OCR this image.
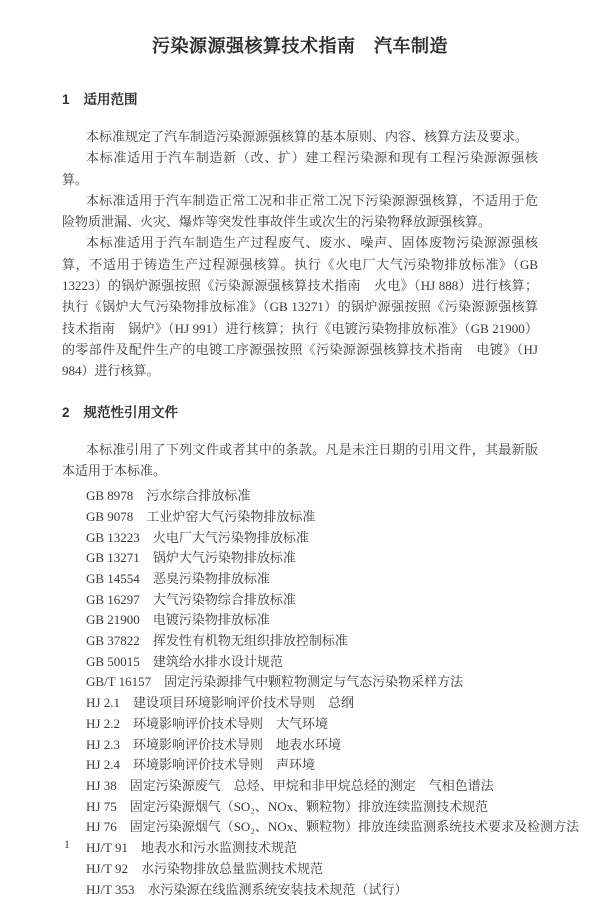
污染源源强核算技术指南　汽车制造
1 适用范围

本标准规定了汽车制造污染源源强核算的基本原则、内容、核算方法及要求。

本标准适用于汽车制造新（改、扩）建工程污染源和现有工程污染源源强核算。

本标准适用于汽车制造正常工况和非正常工况下污染源源强核算，不适用于危险物质泄漏、火灾、爆炸等突发性事故伴生或次生的污染物释放源强核算。

本标准适用于汽车制造生产过程废气、废水、噪声、固体废物污染源源强核算，不适用于铸造生产过程源强核算。执行《火电厂大气污染物排放标准》（GB 13223）的锅炉源强按照《污染源源强核算技术指南　火电》（HJ 888）进行核算；执行《锅炉大气污染物排放标准》（GB 13271）的锅炉源强按照《污染源源强核算技术指南　锅炉》（HJ 991）进行核算；执行《电镀污染物排放标准》（GB 21900）的零部件及配件生产的电镀工序源强按照《污染源源强核算技术指南　电镀》（HJ 984）进行核算。

2 规范性引用文件

本标准引用了下列文件或者其中的条款。凡是未注日期的引用文件，其最新版本适用于本标准。

GB 8978 污水综合排放标准
GB 9078 工业炉窑大气污染物排放标准
GB 13223 火电厂大气污染物排放标准
GB 13271 锅炉大气污染物排放标准
GB 14554 恶臭污染物排放标准
GB 16297 大气污染物综合排放标准
GB 21900 电镀污染物排放标准
GB 37822 挥发性有机物无组织排放控制标准
GB 50015 建筑给水排水设计规范
GB/T 16157 固定污染源排气中颗粒物测定与气态污染物采样方法
HJ 2.1 建设项目环境影响评价技术导则　总纲
HJ 2.2 环境影响评价技术导则　大气环境
HJ 2.3 环境影响评价技术导则　地表水环境
HJ 2.4 环境影响评价技术导则　声环境
HJ 38 固定污染源废气　总烃、甲烷和非甲烷总烃的测定　气相色谱法
HJ 75 固定污染源烟气（SO₂、NOx、颗粒物）排放连续监测技术规范
HJ 76 固定污染源烟气（SO₂、NOx、颗粒物）排放连续监测系统技术要求及检测方法
HJ/T 91 地表水和污水监测技术规范
HJ/T 92 水污染物排放总量监测技术规范
HJ/T 353 水污染源在线监测系统安装技术规范（试行）
1
